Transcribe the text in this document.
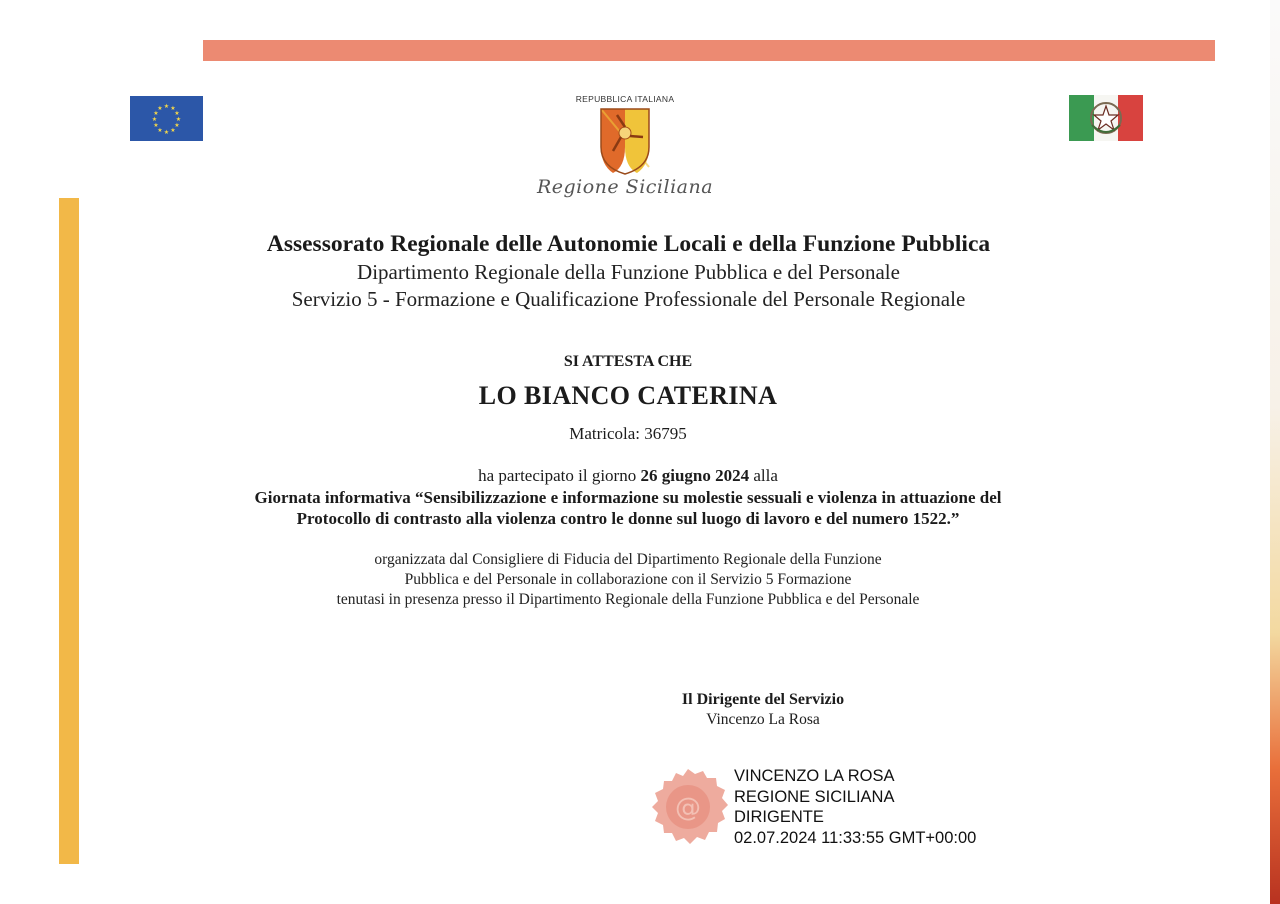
★ ★
★
★
★
★
★
★
★
★
★
★
REPUBBLICA ITALIANA
Regione Siciliana
Assessorato Regionale delle Autonomie Locali e della Funzione Pubblica
Dipartimento Regionale della Funzione Pubblica e del Personale
Servizio 5 - Formazione e Qualificazione Professionale del Personale Regionale
SI ATTESTA CHE
LO BIANCO CATERINA
Matricola: 36795
ha partecipato il giorno 26 giugno 2024 alla
Giornata informativa “Sensibilizzazione e informazione su molestie sessuali e violenza in attuazione del
Protocollo di contrasto alla violenza contro le donne sul luogo di lavoro e del numero 1522.”
organizzata dal Consigliere di Fiducia del Dipartimento Regionale della Funzione
Pubblica e del Personale in collaborazione con il Servizio 5 Formazione
tenutasi in presenza presso il Dipartimento Regionale della Funzione Pubblica e del Personale
Il Dirigente del Servizio
Vincenzo La Rosa
@
VINCENZO LA ROSA
REGIONE SICILIANA
DIRIGENTE
02.07.2024 11:33:55 GMT+00:00
